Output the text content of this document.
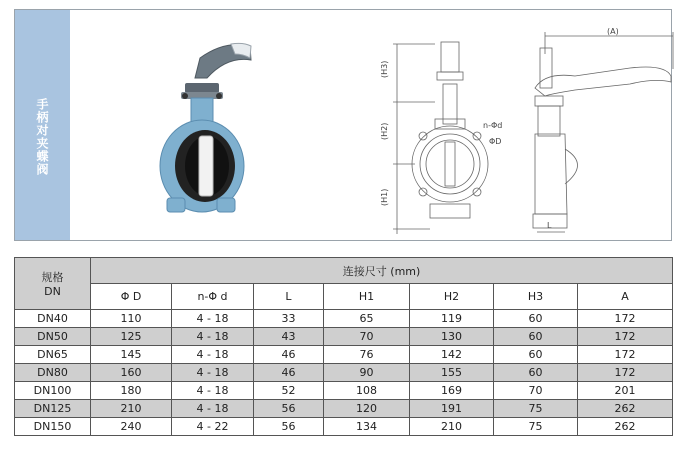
手柄对夹蝶阀
(A)
(H3)
(H2)
(H1)
n-Φd
ΦD
L
规格
DN	连接尺寸 (mm)						
	Φ D	n-Φ d	L	H1	H2	H3	A
DN40	110	4 - 18	33	65	119	60	172
DN50	125	4 - 18	43	70	130	60	172
DN65	145	4 - 18	46	76	142	60	172
DN80	160	4 - 18	46	90	155	60	172
DN100	180	4 - 18	52	108	169	70	201
DN125	210	4 - 18	56	120	191	75	262
DN150	240	4 - 22	56	134	210	75	262
